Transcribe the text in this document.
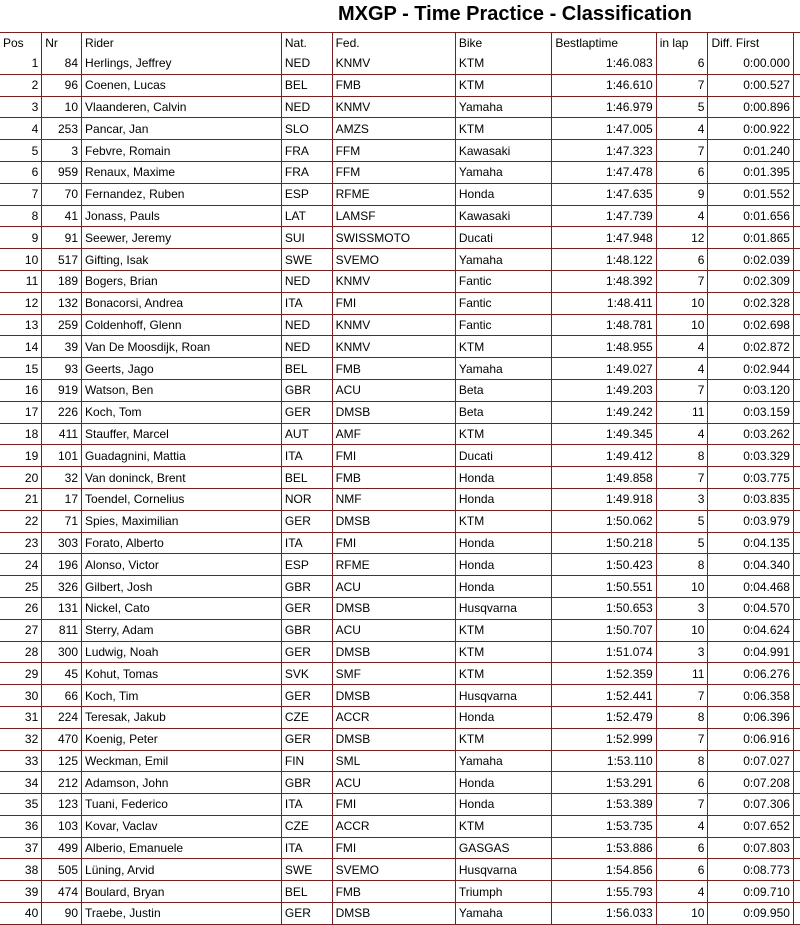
MXGP - Time Practice - Classification
Pos	Nr	Rider	Nat.	Fed.	Bike	Bestlaptime	in lap	Diff. First	
1	84	Herlings, Jeffrey	NED	KNMV	KTM	1:46.083	6	0:00.000	
2	96	Coenen, Lucas	BEL	FMB	KTM	1:46.610	7	0:00.527	
3	10	Vlaanderen, Calvin	NED	KNMV	Yamaha	1:46.979	5	0:00.896	
4	253	Pancar, Jan	SLO	AMZS	KTM	1:47.005	4	0:00.922	
5	3	Febvre, Romain	FRA	FFM	Kawasaki	1:47.323	7	0:01.240	
6	959	Renaux, Maxime	FRA	FFM	Yamaha	1:47.478	6	0:01.395	
7	70	Fernandez, Ruben	ESP	RFME	Honda	1:47.635	9	0:01.552	
8	41	Jonass, Pauls	LAT	LAMSF	Kawasaki	1:47.739	4	0:01.656	
9	91	Seewer, Jeremy	SUI	SWISSMOTO	Ducati	1:47.948	12	0:01.865	
10	517	Gifting, Isak	SWE	SVEMO	Yamaha	1:48.122	6	0:02.039	
11	189	Bogers, Brian	NED	KNMV	Fantic	1:48.392	7	0:02.309	
12	132	Bonacorsi, Andrea	ITA	FMI	Fantic	1:48.411	10	0:02.328	
13	259	Coldenhoff, Glenn	NED	KNMV	Fantic	1:48.781	10	0:02.698	
14	39	Van De Moosdijk, Roan	NED	KNMV	KTM	1:48.955	4	0:02.872	
15	93	Geerts, Jago	BEL	FMB	Yamaha	1:49.027	4	0:02.944	
16	919	Watson, Ben	GBR	ACU	Beta	1:49.203	7	0:03.120	
17	226	Koch, Tom	GER	DMSB	Beta	1:49.242	11	0:03.159	
18	411	Stauffer, Marcel	AUT	AMF	KTM	1:49.345	4	0:03.262	
19	101	Guadagnini, Mattia	ITA	FMI	Ducati	1:49.412	8	0:03.329	
20	32	Van doninck, Brent	BEL	FMB	Honda	1:49.858	7	0:03.775	
21	17	Toendel, Cornelius	NOR	NMF	Honda	1:49.918	3	0:03.835	
22	71	Spies, Maximilian	GER	DMSB	KTM	1:50.062	5	0:03.979	
23	303	Forato, Alberto	ITA	FMI	Honda	1:50.218	5	0:04.135	
24	196	Alonso, Victor	ESP	RFME	Honda	1:50.423	8	0:04.340	
25	326	Gilbert, Josh	GBR	ACU	Honda	1:50.551	10	0:04.468	
26	131	Nickel, Cato	GER	DMSB	Husqvarna	1:50.653	3	0:04.570	
27	811	Sterry, Adam	GBR	ACU	KTM	1:50.707	10	0:04.624	
28	300	Ludwig, Noah	GER	DMSB	KTM	1:51.074	3	0:04.991	
29	45	Kohut, Tomas	SVK	SMF	KTM	1:52.359	11	0:06.276	
30	66	Koch, Tim	GER	DMSB	Husqvarna	1:52.441	7	0:06.358	
31	224	Teresak, Jakub	CZE	ACCR	Honda	1:52.479	8	0:06.396	
32	470	Koenig, Peter	GER	DMSB	KTM	1:52.999	7	0:06.916	
33	125	Weckman, Emil	FIN	SML	Yamaha	1:53.110	8	0:07.027	
34	212	Adamson, John	GBR	ACU	Honda	1:53.291	6	0:07.208	
35	123	Tuani, Federico	ITA	FMI	Honda	1:53.389	7	0:07.306	
36	103	Kovar, Vaclav	CZE	ACCR	KTM	1:53.735	4	0:07.652	
37	499	Alberio, Emanuele	ITA	FMI	GASGAS	1:53.886	6	0:07.803	
38	505	Lüning, Arvid	SWE	SVEMO	Husqvarna	1:54.856	6	0:08.773	
39	474	Boulard, Bryan	BEL	FMB	Triumph	1:55.793	4	0:09.710	
40	90	Traebe, Justin	GER	DMSB	Yamaha	1:56.033	10	0:09.950	
